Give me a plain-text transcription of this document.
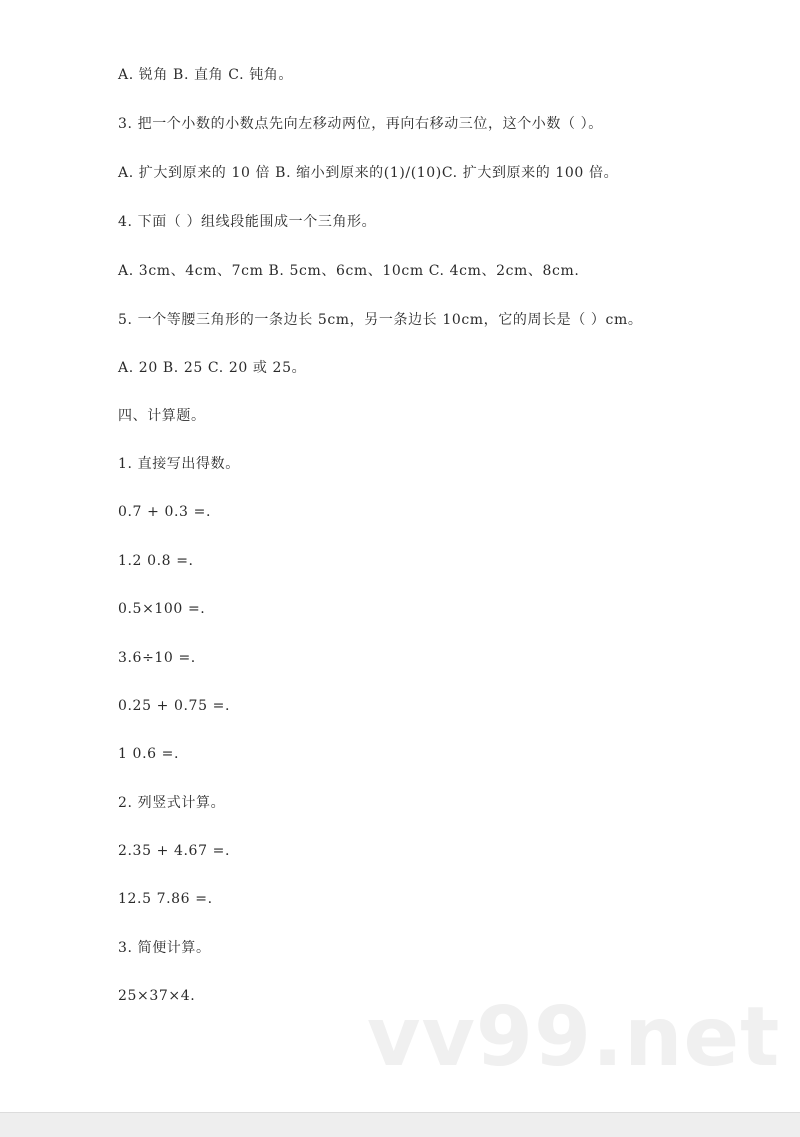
A. 锐角 B. 直角 C. 钝角。
3. 把一个小数的小数点先向左移动两位，再向右移动三位，这个小数（ ）。
A. 扩大到原来的 10 倍 B. 缩小到原来的(1)/(10)C. 扩大到原来的 100 倍。
4. 下面（ ）组线段能围成一个三角形。
A. 3cm、4cm、7cm B. 5cm、6cm、10cm C. 4cm、2cm、8cm.
5. 一个等腰三角形的一条边长 5cm，另一条边长 10cm，它的周长是（ ）cm。
A. 20 B. 25 C. 20 或 25。
四、计算题。
1. 直接写出得数。
0.7 + 0.3 =.
1.2 0.8 =.
0.5×100 =.
3.6÷10 =.
0.25 + 0.75 =.
1 0.6 =.
2. 列竖式计算。
2.35 + 4.67 =.
12.5 7.86 =.
3. 简便计算。
25×37×4. vv99.net
